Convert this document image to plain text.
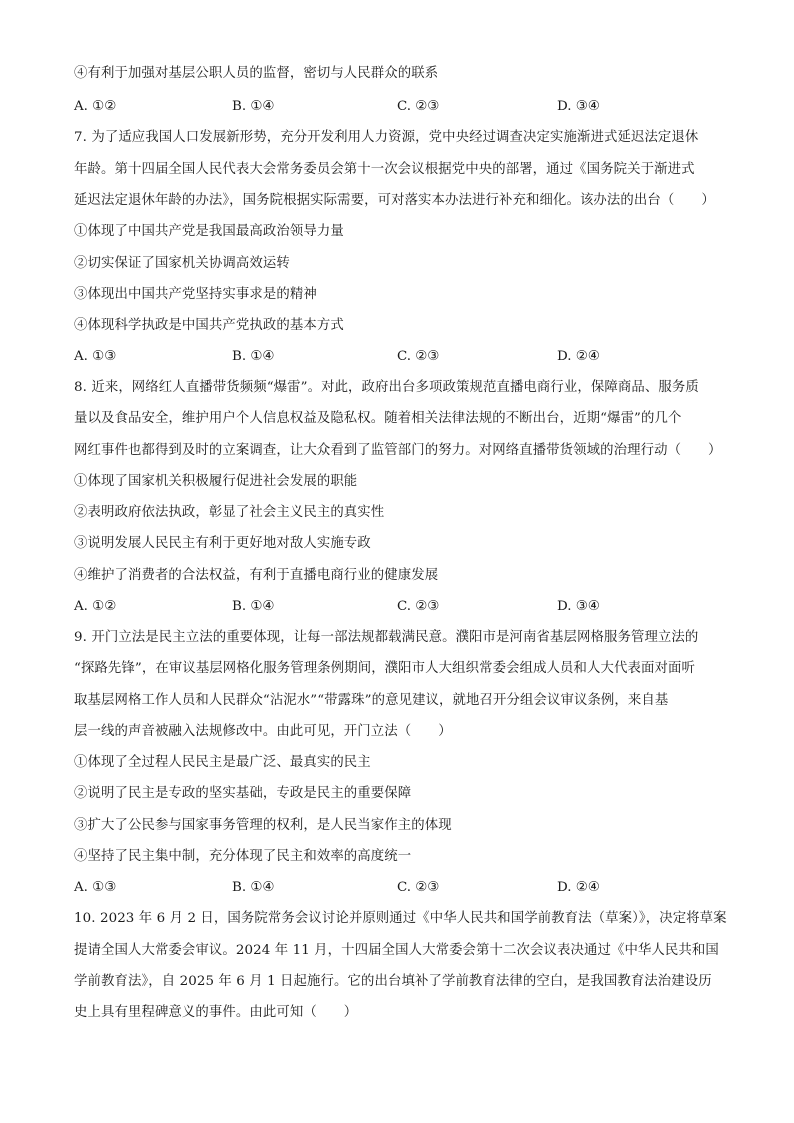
④有利于加强对基层公职人员的监督，密切与人民群众的联系
A. ①②	B. ①④	C. ②③	D. ③④
7. 为了适应我国人口发展新形势，充分开发利用人力资源，党中央经过调查决定实施渐进式延迟法定退休
年龄。第十四届全国人民代表大会常务委员会第十一次会议根据党中央的部署，通过《国务院关于渐进式
延迟法定退休年龄的办法》，国务院根据实际需要，可对落实本办法进行补充和细化。该办法的出台（　　）
①体现了中国共产党是我国最高政治领导力量
②切实保证了国家机关协调高效运转
③体现出中国共产党坚持实事求是的精神
④体现科学执政是中国共产党执政的基本方式
A. ①③	B. ①④	C. ②③	D. ②④
8. 近来，网络红人直播带货频频“爆雷”。对此，政府出台多项政策规范直播电商行业，保障商品、服务质
量以及食品安全，维护用户个人信息权益及隐私权。随着相关法律法规的不断出台，近期“爆雷”的几个
网红事件也都得到及时的立案调查，让大众看到了监管部门的努力。对网络直播带货领域的治理行动（　　）
①体现了国家机关积极履行促进社会发展的职能
②表明政府依法执政，彰显了社会主义民主的真实性
③说明发展人民民主有利于更好地对敌人实施专政
④维护了消费者的合法权益，有利于直播电商行业的健康发展
A. ①②	B. ①④	C. ②③	D. ③④
9. 开门立法是民主立法的重要体现，让每一部法规都载满民意。濮阳市是河南省基层网格服务管理立法的
“探路先锋”，在审议基层网格化服务管理条例期间，濮阳市人大组织常委会组成人员和人大代表面对面听
取基层网格工作人员和人民群众“沾泥水”“带露珠”的意见建议，就地召开分组会议审议条例，来自基
层一线的声音被融入法规修改中。由此可见，开门立法（　　）
①体现了全过程人民民主是最广泛、最真实的民主
②说明了民主是专政的坚实基础，专政是民主的重要保障
③扩大了公民参与国家事务管理的权利，是人民当家作主的体现
④坚持了民主集中制，充分体现了民主和效率的高度统一
A. ①③	B. ①④	C. ②③	D. ②④
10. 2023 年 6 月 2 日，国务院常务会议讨论并原则通过《中华人民共和国学前教育法（草案）》，决定将草案
提请全国人大常委会审议。2024 年 11 月，十四届全国人大常委会第十二次会议表决通过《中华人民共和国
学前教育法》，自 2025 年 6 月 1 日起施行。它的出台填补了学前教育法律的空白，是我国教育法治建设历
史上具有里程碑意义的事件。由此可知（　　）
